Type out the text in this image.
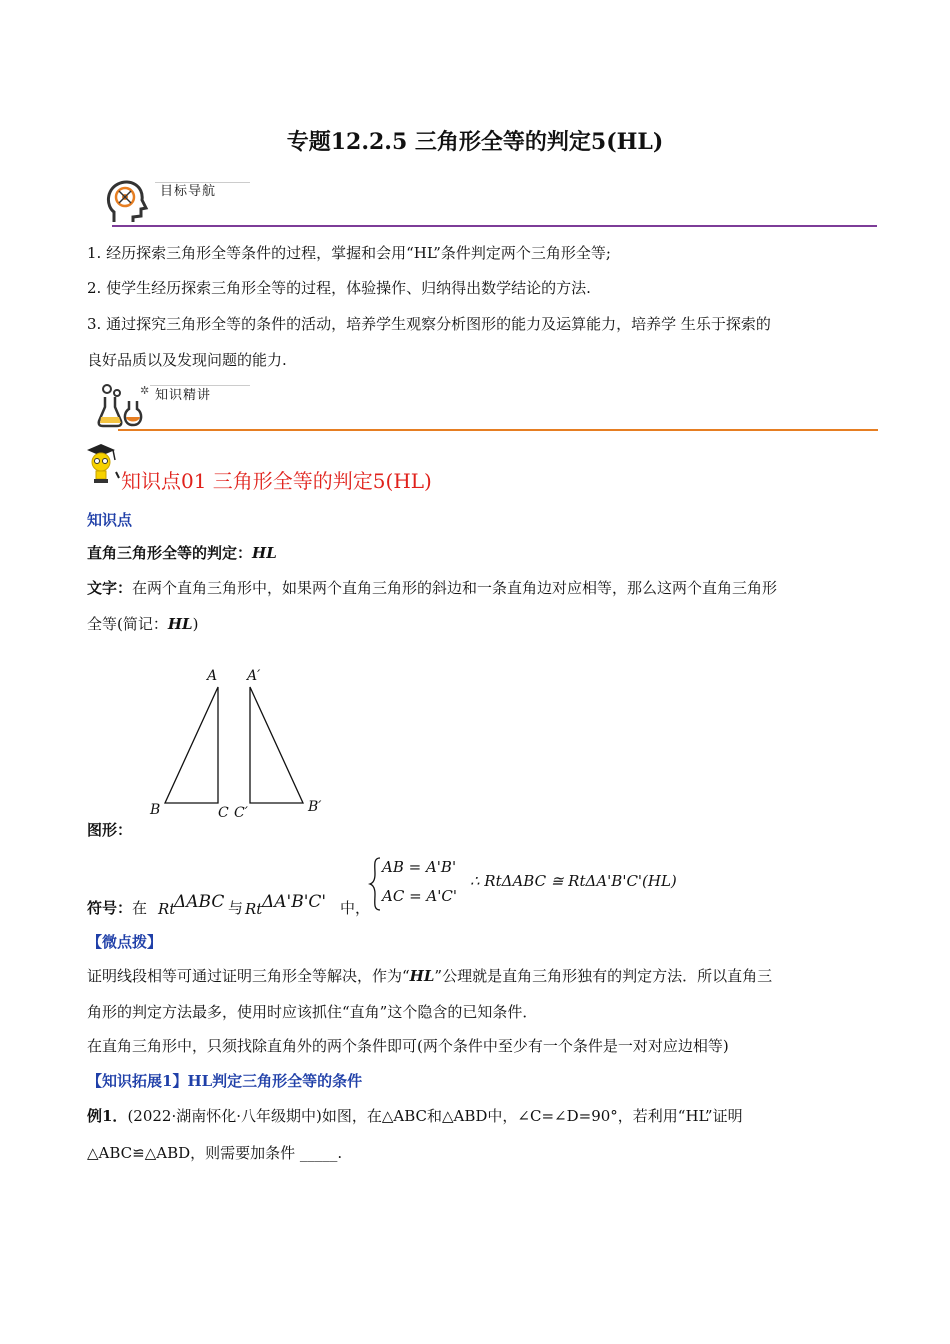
专题12.2.5 三角形全等的判定5(HL)
目标导航
1. 经历探索三角形全等条件的过程，掌握和会用“HL”条件判定两个三角形全等;
2. 使学生经历探索三角形全等的过程，体验操作、归纳得出数学结论的方法.
3. 通过探究三角形全等的条件的活动，培养学生观察分析图形的能力及运算能力，培养学 生乐于探索的
良好品质以及发现问题的能力.
✲ 知识精讲
知识点01 三角形全等的判定5(HL)
知识点
直角三角形全等的判定：HL
文字：在两个直角三角形中，如果两个直角三角形的斜边和一条直角边对应相等，那么这两个直角三角形
全等(简记：HL)
A A′
B	C C′	B′
图形：
符号：在 Rt
ΔABC 与 Rt ΔA'B'C' 中，
AB = A'B'
AC = A'C'
∴ RtΔABC ≅ RtΔA'B'C'(HL)
【微点拨】
证明线段相等可通过证明三角形全等解决，作为“HL”公理就是直角三角形独有的判定方法．所以直角三
角形的判定方法最多，使用时应该抓住“直角”这个隐含的已知条件．
在直角三角形中，只须找除直角外的两个条件即可(两个条件中至少有一个条件是一对对应边相等)
【知识拓展1】HL判定三角形全等的条件
例1．(2022·湖南怀化·八年级期中)如图，在△ABC和△ABD中，∠C=∠D=90°，若利用“HL”证明
△ABC≌△ABD，则需要加条件 _____.
